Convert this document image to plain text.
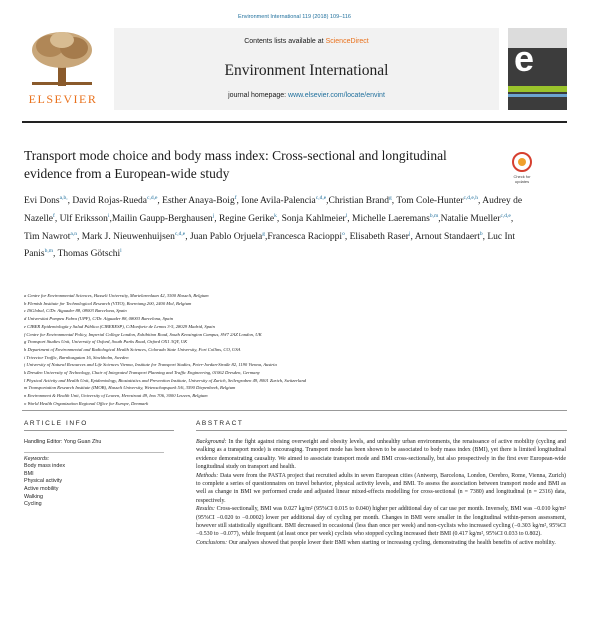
Environment International 119 (2018) 109–116
ELSEVIER
Contents lists available at ScienceDirect
Environment International
journal homepage: www.elsevier.com/locate/envint
e
Transport mode choice and body mass index: Cross-sectional and longitudinal evidence from a European-wide study	Check for updates
Evi Dons$^{a,b,}$, David Rojas-Rueda$^{c,d,e}$, Esther Anaya-Boig$^f$, Ione Avila-Palencia$^{c,d,e}$,Christian Brand$^g$, Tom Cole-Hunter$^{c,d,e,h}$, Audrey de Nazelle$^f$, Ulf Eriksson$^i$,Mailin Gaupp-Berghausen$^j$, Regine Gerike$^k$, Sonja Kahlmeier$^l$, Michelle Laeremans$^{b,m}$,Natalie Mueller$^{c,d,e}$, Tim Nawrot$^{a,n}$, Mark J. Nieuwenhuijsen$^{c,d,e}$, Juan Pablo Orjuela$^g$,Francesca Racioppi$^o$, Elisabeth Raser$^j$, Arnout Standaert$^b$, Luc Int Panis$^{b,m}$, Thomas Götschi$^l$
a Centre for Environmental Sciences, Hasselt University, Martelarenlaan 42, 3500 Hasselt, Belgium
b Flemish Institute for Technological Research (VITO), Boeretang 200, 2400 Mol, Belgium
c ISGlobal, C/Dr. Aiguader 88, 08003 Barcelona, Spain
d Universitat Pompeu Fabra (UPF), C/Dr. Aiguader 88, 08003 Barcelona, Spain
e CIBER Epidemiología y Salud Pública (CIBERESP), C/Monforte de Lemos 3-5, 28029 Madrid, Spain
f Centre for Environmental Policy, Imperial College London, Exhibition Road, South Kensington Campus, SW7 2AZ London, UK
g Transport Studies Unit, University of Oxford, South Parks Road, Oxford OX1 3QY, UK
h Department of Environmental and Radiological Health Sciences, Colorado State University, Fort Collins, CO, USA
i Trivector Traffic, Barnhusgatan 16, Stockholm, Sweden
j University of Natural Resources and Life Sciences Vienna, Institute for Transport Studies, Peter-Jordan-Straße 82, 1190 Vienna, Austria
k Dresden University of Technology, Chair of Integrated Transport Planning and Traffic Engineering, 01062 Dresden, Germany
l Physical Activity and Health Unit, Epidemiology, Biostatistics and Prevention Institute, University of Zurich, Seilergraben 49, 8001 Zurich, Switzerland
m Transportation Research Institute (IMOB), Hasselt University, Wetenschapspark 5/6, 3590 Diepenbeek, Belgium
n Environment & Health Unit, University of Leuven, Herestraat 49, box 706, 3000 Leuven, Belgium
o World Health Organization Regional Office for Europe, Denmark
ARTICLE INFO	ABSTRACT
Handling Editor: Yong Guan Zhu
Keywords:
Body mass index
BMI
Physical activity
Active mobility
Walking
Cycling

Background: In the fight against rising overweight and obesity levels, and unhealthy urban environments, the renaissance of active mobility (cycling and walking as a transport mode) is encouraging. Transport mode has been shown to be associated to body mass index (BMI), yet there is limited longitudinal evidence demonstrating causality. We aimed to associate transport mode and BMI cross-sectionally, but also prospectively in the first ever European-wide longitudinal study on transport and health.

Methods: Data were from the PASTA project that recruited adults in seven European cities (Antwerp, Barcelona, London, Oerebro, Rome, Vienna, Zurich) to complete a series of questionnaires on travel behavior, physical activity levels, and BMI. To assess the association between transport mode and BMI as well as change in BMI we performed crude and adjusted linear mixed-effects modelling for cross-sectional (n = 7380) and longitudinal (n = 2316) data, respectively.

Results: Cross-sectionally, BMI was 0.027 kg/m² (95%CI 0.015 to 0.040) higher per additional day of car use per month. Inversely, BMI was −0.010 kg/m² (95%CI −0.020 to −0.0002) lower per additional day of cycling per month. Changes in BMI were smaller in the longitudinal within-person assessment, however still statistically significant. BMI decreased in occasional (less than once per week) and non-cyclists who increased cycling (−0.303 kg/m², 95%CI −0.530 to −0.077), while frequent (at least once per week) cyclists who stopped cycling increased their BMI (0.417 kg/m², 95%CI 0.033 to 0.802).

Conclusions: Our analyses showed that people lower their BMI when starting or increasing cycling, demonstrating the health benefits of active mobility.
